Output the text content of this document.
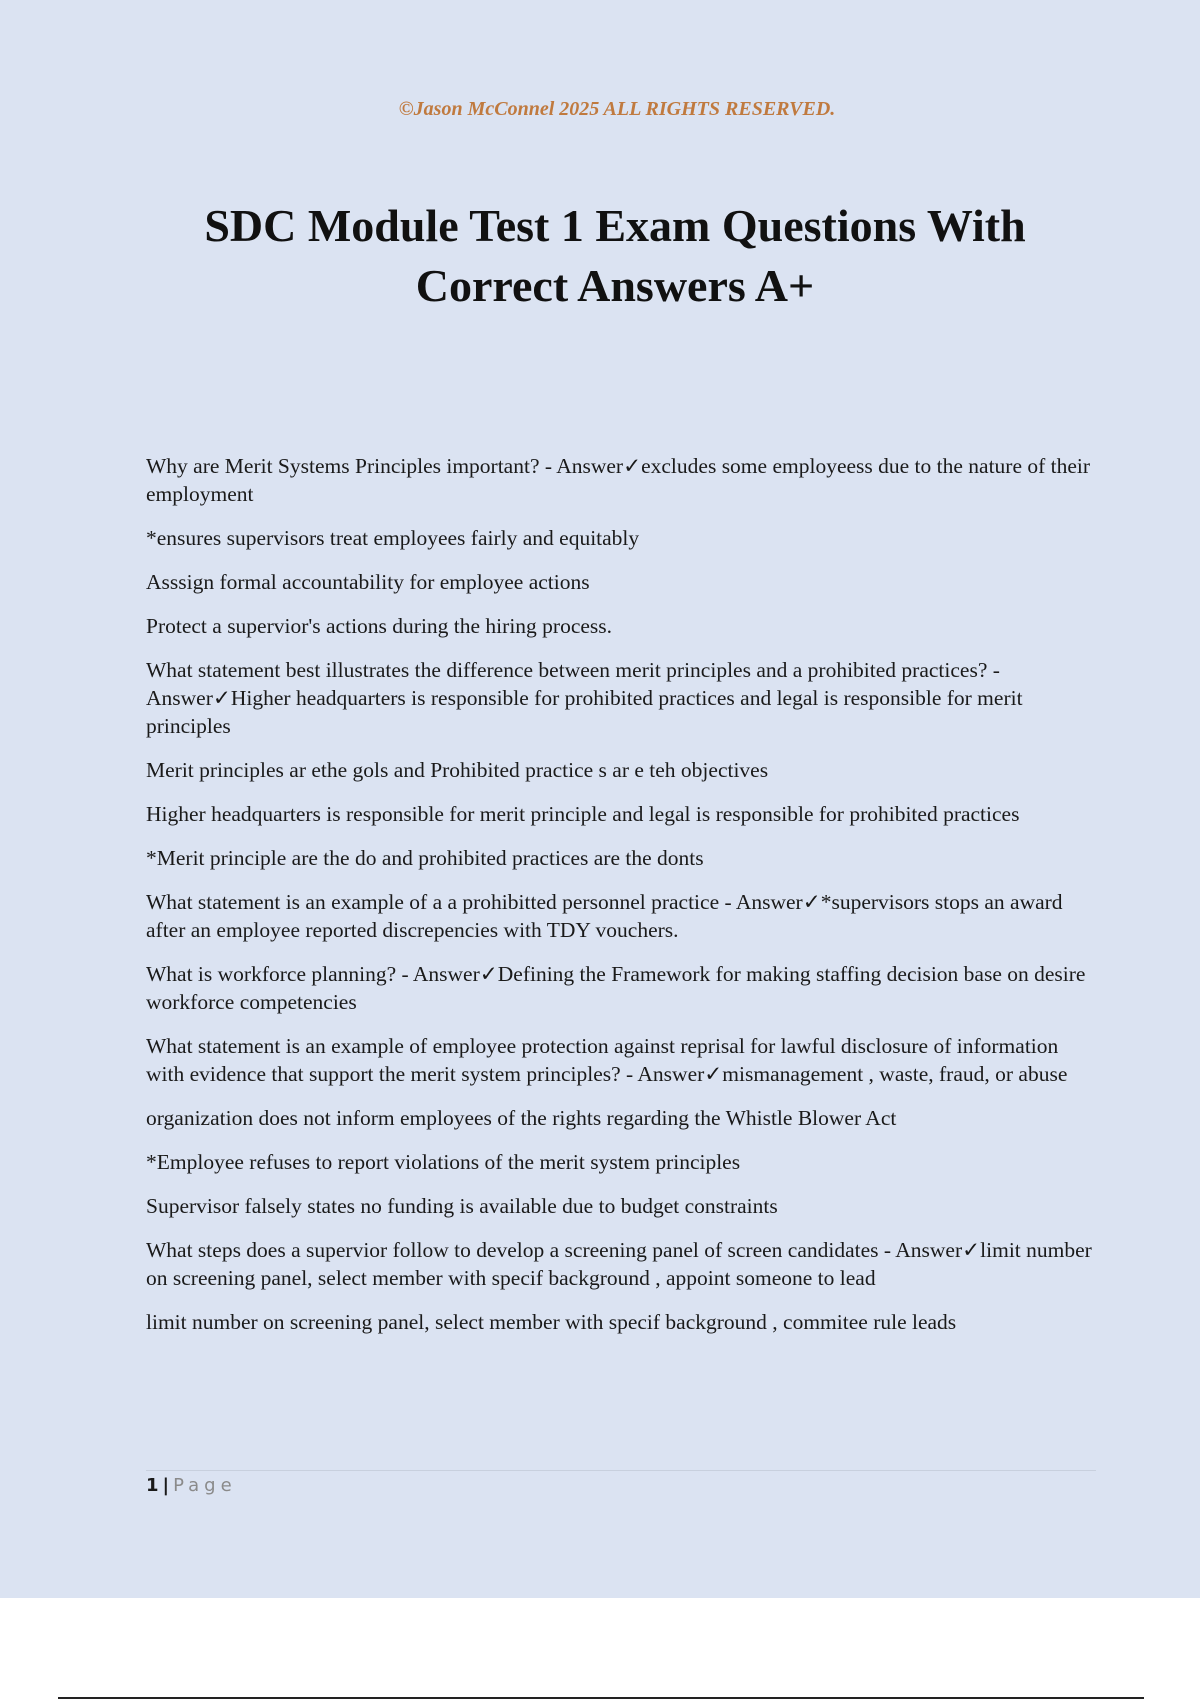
©Jason McConnel 2025 ALL RIGHTS RESERVED.
SDC Module Test 1 Exam Questions With
Correct Answers A+

Why are Merit Systems Principles important? - Answer✓excludes some employeess due to the nature of their employment

*ensures supervisors treat employees fairly and equitably

Asssign formal accountability for employee actions

Protect a supervior's actions during the hiring process.

What statement best illustrates the difference between merit principles and a prohibited practices? - Answer✓Higher headquarters is responsible for prohibited practices and legal is responsible for merit principles

Merit principles ar ethe gols and Prohibited practice s ar e teh objectives

Higher headquarters is responsible for merit principle and legal is responsible for prohibited practices

*Merit principle are the do and prohibited practices are the donts

What statement is an example of a a prohibitted personnel practice - Answer✓*supervisors stops an award after an employee reported discrepencies with TDY vouchers.

What is workforce planning? - Answer✓Defining the Framework for making staffing decision base on desire workforce competencies

What statement is an example of employee protection against reprisal for lawful disclosure of information with evidence that support the merit system principles? - Answer✓mismanagement , waste, fraud, or abuse

organization does not inform employees of the rights regarding the Whistle Blower Act

*Employee refuses to report violations of the merit system principles

Supervisor falsely states no funding is available due to budget constraints

What steps does a supervior follow to develop a screening panel of screen candidates - Answer✓limit number on screening panel, select member with specif background , appoint someone to lead

limit number on screening panel, select member with specif background , commitee rule leads

1 | Page
